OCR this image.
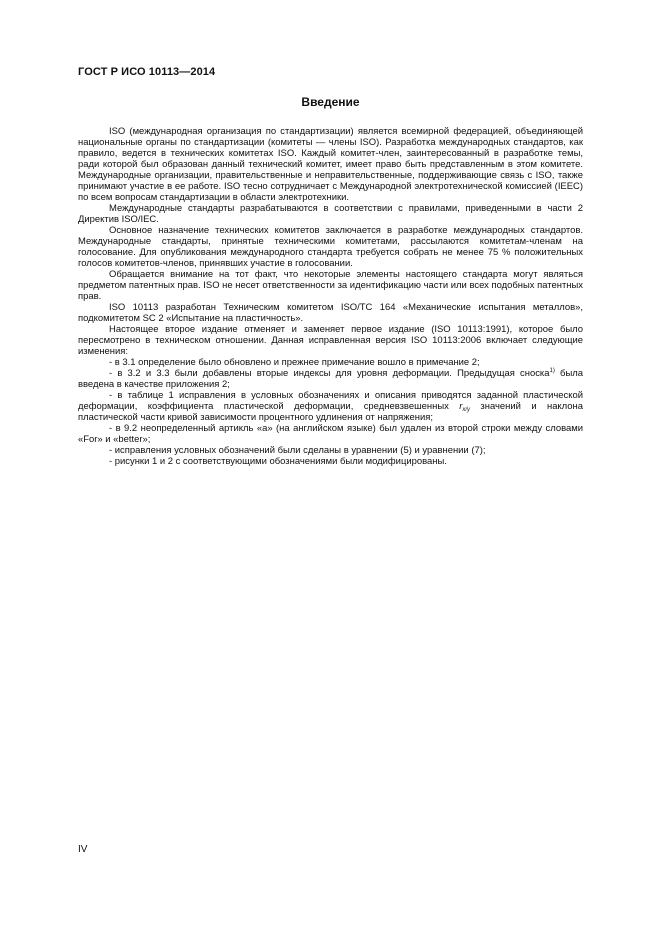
ГОСТ Р ИСО 10113—2014
Введение

ISO (международная организация по стандартизации) является всемирной федерацией, объединяющей национальные органы по стандартизации (комитеты — члены ISO). Разработка международных стандартов, как правило, ведется в технических комитетах ISO. Каждый комитет-член, заинтересованный в разработке темы, ради которой был образован данный технический комитет, имеет право быть представленным в этом комитете. Международные организации, правительственные и неправительственные, поддерживающие связь с ISO, также принимают участие в ее работе. ISO тесно сотрудничает с Международной электротехнической комиссией (IEEC) по всем вопросам стандартизации в области электротехники.

Международные стандарты разрабатываются в соответствии с правилами, приведенными в части 2 Директив ISO/IEC.

Основное назначение технических комитетов заключается в разработке международных стандартов. Международные стандарты, принятые техническими комитетами, рассылаются комитетам-членам на голосование. Для опубликования международного стандарта требуется собрать не менее 75 % положительных голосов комитетов-членов, принявших участие в голосовании.

Обращается внимание на тот факт, что некоторые элементы настоящего стандарта могут являться предметом патентных прав. ISO не несет ответственности за идентификацию части или всех подобных патентных прав.

ISO 10113 разработан Техническим комитетом ISO/TC 164 «Механические испытания металлов», подкомитетом SC 2 «Испытание на пластичность».

Настоящее второе издание отменяет и заменяет первое издание (ISO 10113:1991), которое было пересмотрено в техническом отношении. Данная исправленная версия ISO 10113:2006 включает следующие изменения:

- в 3.1 определение было обновлено и прежнее примечание вошло в примечание 2;

- в 3.2 и 3.3 были добавлены вторые индексы для уровня деформации. Предыдущая сноска$^{1)}$ была введена в качестве приложения 2;

- в таблице 1 исправления в условных обозначениях и описания приводятся заданной пластической деформации, коэффициента пластической деформации, средневзвешенных $r_{x/y}$ значений и наклона пластической части кривой зависимости процентного удлинения от напряжения;

- в 9.2 неопределенный артикль «а» (на английском языке) был удален из второй строки между словами «For» и «better»;

- исправления условных обозначений были сделаны в уравнении (5) и уравнении (7);

- рисунки 1 и 2 с соответствующими обозначениями были модифицированы.

IV
